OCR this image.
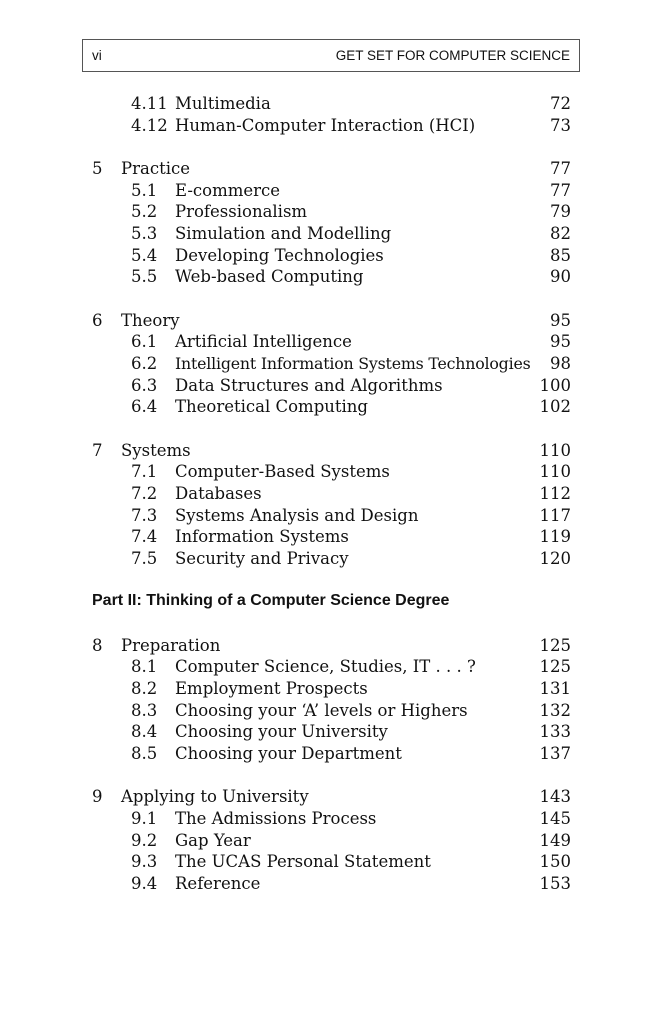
vi	GET SET FOR COMPUTER SCIENCE
4.11 Multimedia	72
4.12 Human-Computer Interaction (HCI)	73
5 Practice	77
5.1 E-commerce	77
5.2 Professionalism	79
5.3 Simulation and Modelling	82
5.4 Developing Technologies	85
5.5 Web-based Computing	90
6 Theory	95
6.1 Artificial Intelligence	95
6.2 Intelligent Information Systems Technologies 98
6.3 Data Structures and Algorithms	100
6.4 Theoretical Computing	102
7 Systems	110
7.1 Computer-Based Systems	110
7.2 Databases	112
7.3 Systems Analysis and Design	117
7.4 Information Systems	119
7.5 Security and Privacy	120
Part II: Thinking of a Computer Science Degree
8 Preparation	125
8.1 Computer Science, Studies, IT . . . ?	125
8.2 Employment Prospects	131
8.3 Choosing your ‘A’ levels or Highers	132
8.4 Choosing your University	133
8.5 Choosing your Department	137
9 Applying to University	143
9.1 The Admissions Process	145
9.2 Gap Year	149
9.3 The UCAS Personal Statement	150
9.4 Reference	153
